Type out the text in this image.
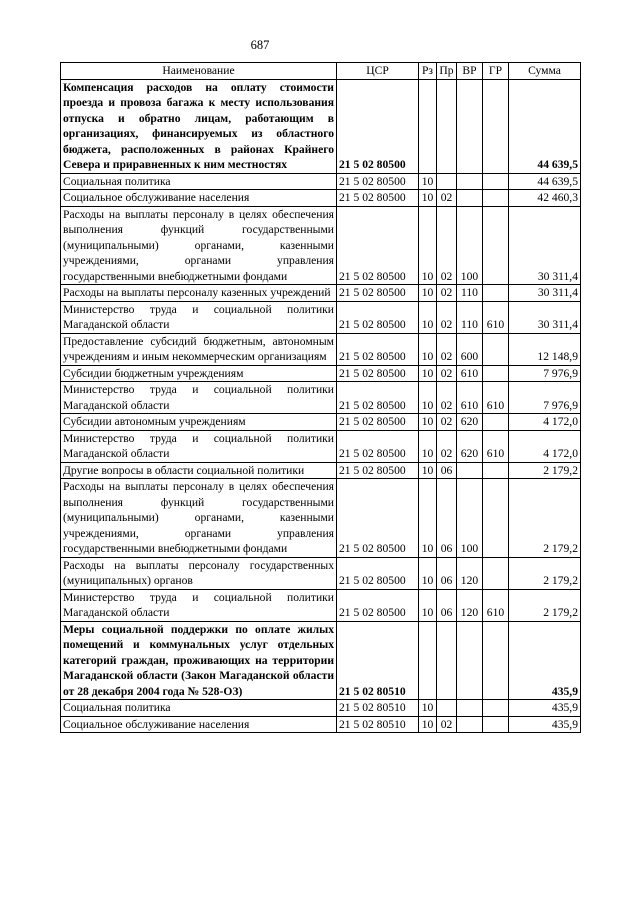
687
Наименование	ЦСР	Рз	Пр	ВР	ГР	Сумма
Компенсация расходов на оплату стоимости проезда и провоза багажа к месту использования отпуска и обратно лицам, работающим в организациях, финансируемых из областного бюджета, расположенных в районах Крайнего Севера и приравненных к ним местностях	21 5 02 80500					44 639,5
Социальная политика	21 5 02 80500	10				44 639,5
Социальное обслуживание населения	21 5 02 80500	10	02			42 460,3
Расходы на выплаты персоналу в целях обеспечения выполнения функций государственными (муниципальными) органами, казенными учреждениями, органами управления государственными внебюджетными фондами	21 5 02 80500	10	02	100		30 311,4
Расходы на выплаты персоналу казенных учреждений	21 5 02 80500	10	02	110		30 311,4
Министерство труда и социальной политики Магаданской области	21 5 02 80500	10	02	110	610	30 311,4
Предоставление субсидий бюджетным, автономным учреждениям и иным некоммерческим организациям	21 5 02 80500	10	02	600		12 148,9
Субсидии бюджетным учреждениям	21 5 02 80500	10	02	610		7 976,9
Министерство труда и социальной политики Магаданской области	21 5 02 80500	10	02	610	610	7 976,9
Субсидии автономным учреждениям	21 5 02 80500	10	02	620		4 172,0
Министерство труда и социальной политики Магаданской области	21 5 02 80500	10	02	620	610	4 172,0
Другие вопросы в области социальной политики	21 5 02 80500	10	06			2 179,2
Расходы на выплаты персоналу в целях обеспечения выполнения функций государственными (муниципальными) органами, казенными учреждениями, органами управления государственными внебюджетными фондами	21 5 02 80500	10	06	100		2 179,2
Расходы на выплаты персоналу государственных (муниципальных) органов	21 5 02 80500	10	06	120		2 179,2
Министерство труда и социальной политики Магаданской области	21 5 02 80500	10	06	120	610	2 179,2
Меры социальной поддержки по оплате жилых помещений и коммунальных услуг отдельных категорий граждан, проживающих на территории Магаданской области (Закон Магаданской области от 28 декабря 2004 года № 528-ОЗ)	21 5 02 80510					435,9
Социальная политика	21 5 02 80510	10				435,9
Социальное обслуживание населения	21 5 02 80510	10	02			435,9
